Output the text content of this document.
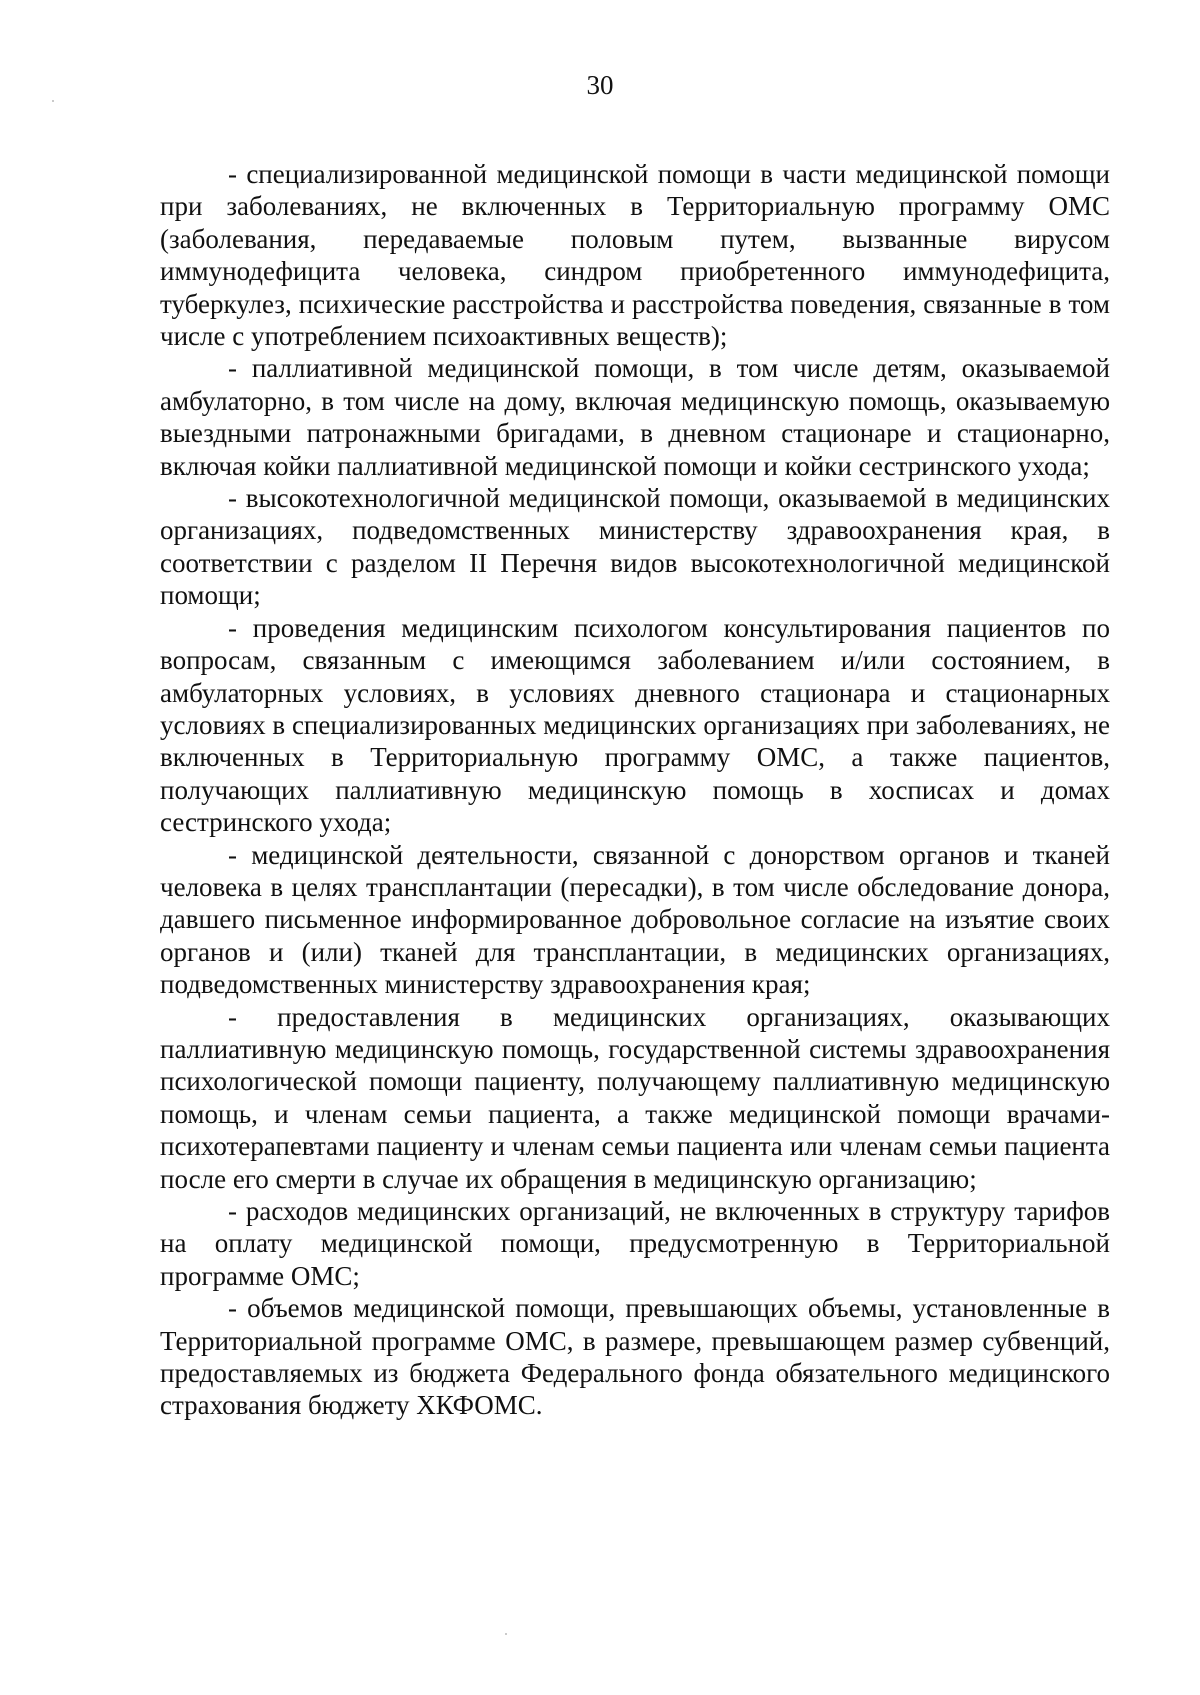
30

- специализированной медицинской помощи в части медицинской помощи при заболеваниях, не включенных в Территориальную программу ОМС (заболевания, передаваемые половым путем, вызванные вирусом иммунодефицита человека, синдром приобретенного иммунодефицита, туберкулез, психические расстройства и расстройства поведения, связанные в том числе с употреблением психоактивных веществ);

- паллиативной медицинской помощи, в том числе детям, оказываемой амбулаторно, в том числе на дому, включая медицинскую помощь, оказываемую выездными патронажными бригадами, в дневном стационаре и стационарно, включая койки паллиативной медицинской помощи и койки сестринского ухода;

- высокотехнологичной медицинской помощи, оказываемой в медицинских организациях, подведомственных министерству здравоохранения края, в соответствии с разделом II Перечня видов высокотехнологичной медицинской помощи;

- проведения медицинским психологом консультирования пациентов по вопросам, связанным с имеющимся заболеванием и/или состоянием, в амбулаторных условиях, в условиях дневного стационара и стационарных условиях в специализированных медицинских организациях при заболеваниях, не включенных в Территориальную программу ОМС, а также пациентов, получающих паллиативную медицинскую помощь в хосписах и домах сестринского ухода;

- медицинской деятельности, связанной с донорством органов и тканей человека в целях трансплантации (пересадки), в том числе обследование донора, давшего письменное информированное добровольное согласие на изъятие своих органов и (или) тканей для трансплантации, в медицинских организациях, подведомственных министерству здравоохранения края;

- предоставления в медицинских организациях, оказывающих паллиативную медицинскую помощь, государственной системы здравоохранения психологической помощи пациенту, получающему паллиативную медицинскую помощь, и членам семьи пациента, а также медицинской помощи врачами-психотерапевтами пациенту и членам семьи пациента или членам семьи пациента после его смерти в случае их обращения в медицинскую организацию;

- расходов медицинских организаций, не включенных в структуру тарифов на оплату медицинской помощи, предусмотренную в Территориальной программе ОМС;

- объемов медицинской помощи, превышающих объемы, установленные в Территориальной программе ОМС, в размере, превышающем размер субвенций, предоставляемых из бюджета Федерального фонда обязательного медицинского страхования бюджету ХКФОМС.
